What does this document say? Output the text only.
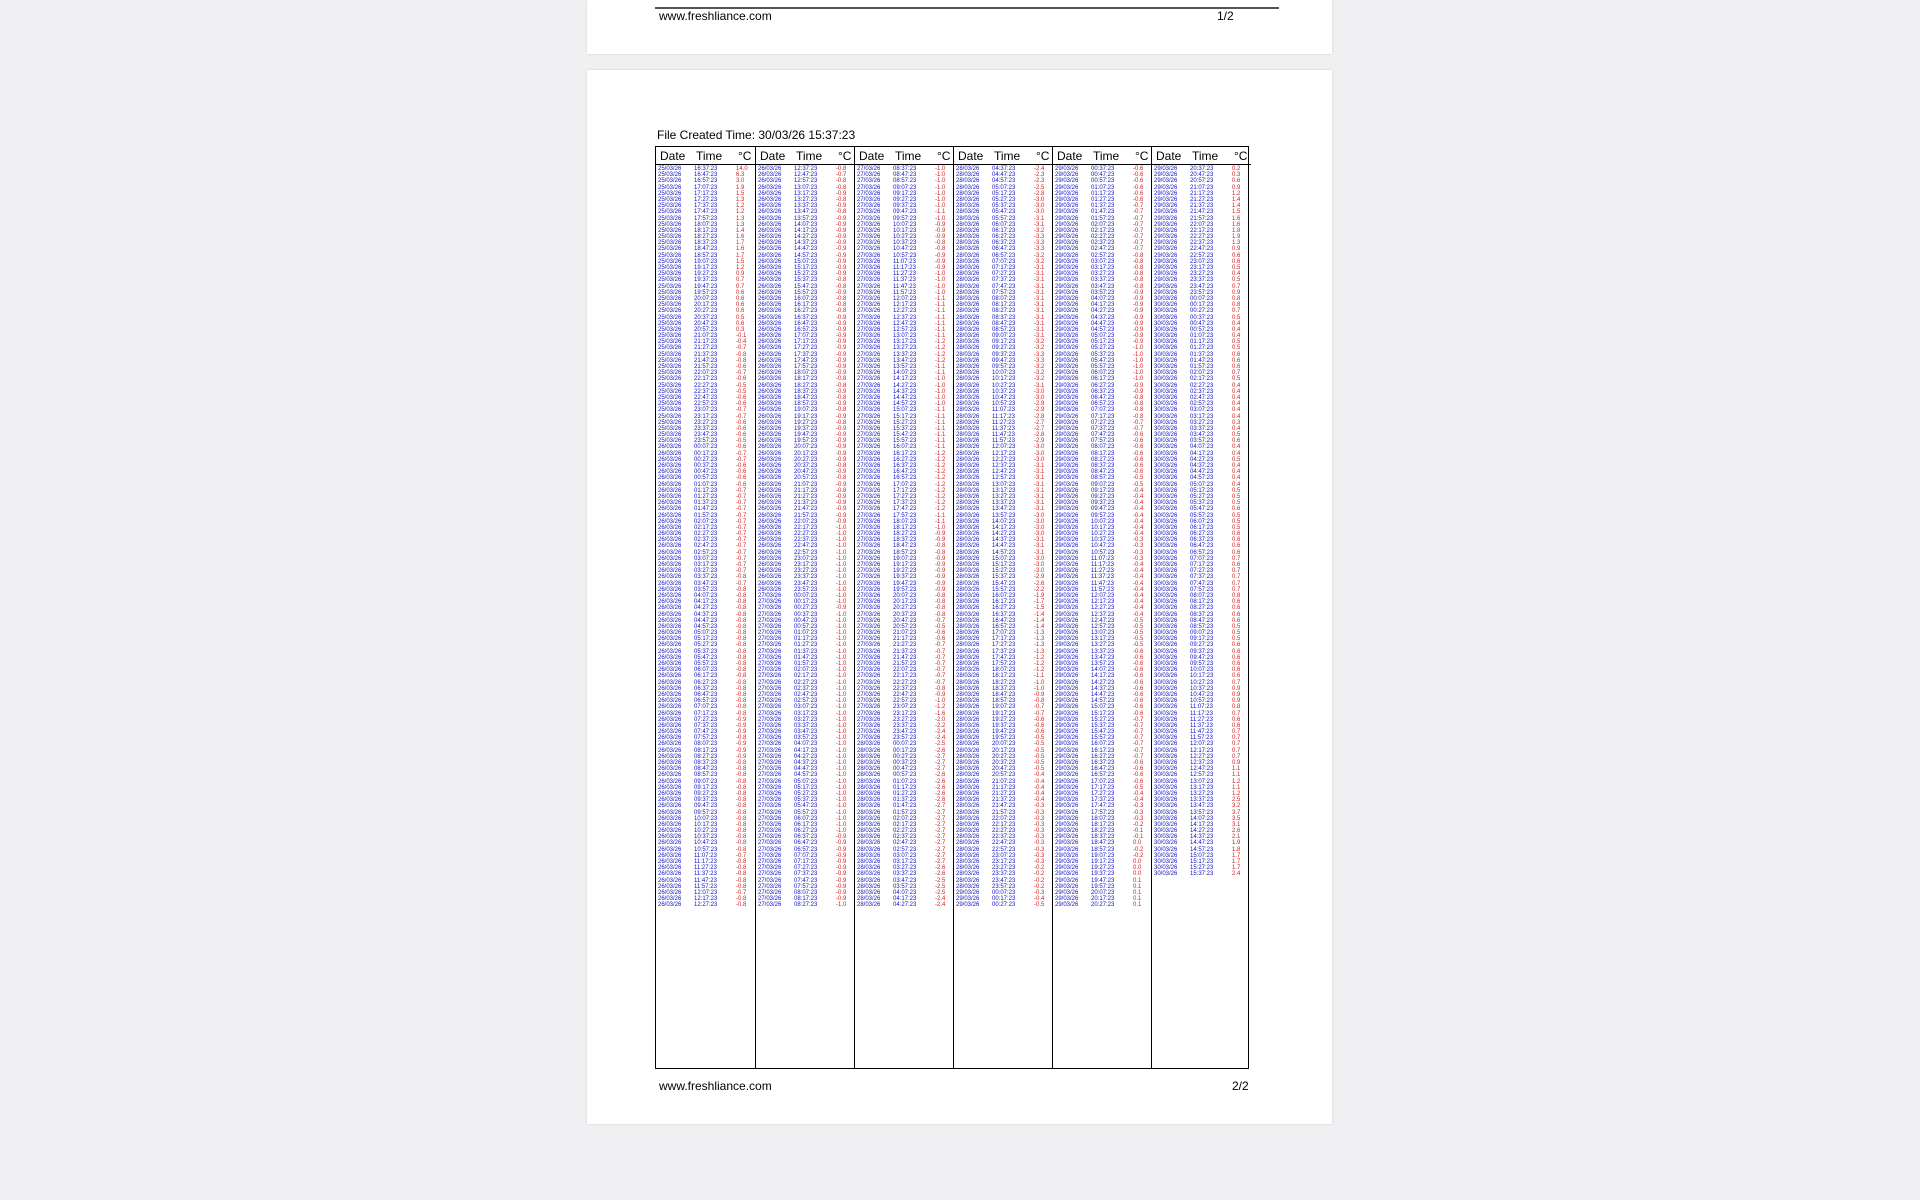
www.freshliance.com	1/2
File Created Time: 30/03/26 15:37:23
Date Time °C
25/03/26 16:37:23	14.0
25/03/26 16:47:23	6.3
25/03/26 16:57:23	3.0
25/03/26 17:07:23	1.9
25/03/26 17:17:23	1.5
25/03/26 17:27:23	1.3
25/03/26 17:37:23	1.2
25/03/26 17:47:23	1.2
25/03/26 17:57:23	1.3
25/03/26 18:07:23	1.3
25/03/26 18:17:23	1.4
25/03/26 18:27:23	1.6
25/03/26 18:37:23	1.7
25/03/26 18:47:23	1.6
25/03/26 18:57:23	1.7
25/03/26 19:07:23	1.5
25/03/26 19:17:23	1.2
25/03/26 19:27:23	0.9
25/03/26 19:37:23	0.7
25/03/26 19:47:23	0.7
25/03/26 19:57:23	0.6
25/03/26 20:07:23	0.6
25/03/26 20:17:23	0.6
25/03/26 20:27:23	0.6
25/03/26 20:37:23	0.5
25/03/26 20:47:23	0.6
25/03/26 20:57:23	0.3
25/03/26 21:07:23	-0.1
25/03/26 21:17:23	-0.4
25/03/26 21:27:23	-0.7
25/03/26 21:37:23	-0.8
25/03/26 21:47:23	-0.8
25/03/26 21:57:23	-0.6
25/03/26 22:07:23	-0.7
25/03/26 22:17:23	-0.6
25/03/26 22:27:23	-0.5
25/03/26 22:37:23	-0.5
25/03/26 22:47:23	-0.6
25/03/26 22:57:23	-0.6
25/03/26 23:07:23	-0.7
25/03/26 23:17:23	-0.7
25/03/26 23:27:23	-0.6
25/03/26 23:37:23	-0.6
25/03/26 23:47:23	-0.6
25/03/26 23:57:23	-0.5
26/03/26 00:07:23	-0.6
26/03/26 00:17:23	-0.7
26/03/26 00:27:23	-0.7
26/03/26 00:37:23	-0.6
26/03/26 00:47:23	-0.6
26/03/26 00:57:23	-0.6
26/03/26 01:07:23	-0.6
26/03/26 01:17:23	-0.7
26/03/26 01:27:23	-0.7
26/03/26 01:37:23	-0.7
26/03/26 01:47:23	-0.7
26/03/26 01:57:23	-0.7
26/03/26 02:07:23	-0.7
26/03/26 02:17:23	-0.7
26/03/26 02:27:23	-0.7
26/03/26 02:37:23	-0.7
26/03/26 02:47:23	-0.7
26/03/26 02:57:23	-0.7
26/03/26 03:07:23	-0.7
26/03/26 03:17:23	-0.7
26/03/26 03:27:23	-0.7
26/03/26 03:37:23	-0.8
26/03/26 03:47:23	-0.7
26/03/26 03:57:23	-0.8
26/03/26 04:07:23	-0.8
26/03/26 04:17:23	-0.8
26/03/26 04:27:23	-0.8
26/03/26 04:37:23	-0.8
26/03/26 04:47:23	-0.8
26/03/26 04:57:23	-0.8
26/03/26 05:07:23	-0.8
26/03/26 05:17:23	-0.8
26/03/26 05:27:23	-0.8
26/03/26 05:37:23	-0.8
26/03/26 05:47:23	-0.8
26/03/26 05:57:23	-0.8
26/03/26 06:07:23	-0.8
26/03/26 06:17:23	-0.8
26/03/26 06:27:23	-0.8
26/03/26 06:37:23	-0.8
26/03/26 06:47:23	-0.8
26/03/26 06:57:23	-0.8
26/03/26 07:07:23	-0.8
26/03/26 07:17:23	-0.8
26/03/26 07:27:23	-0.9
26/03/26 07:37:23	-0.9
26/03/26 07:47:23	-0.9
26/03/26 07:57:23	-0.8
26/03/26 08:07:23	-0.9
26/03/26 08:17:23	-0.9
26/03/26 08:27:23	-0.9
26/03/26 08:37:23	-0.8
26/03/26 08:47:23	-0.8
26/03/26 08:57:23	-0.8
26/03/26 09:07:23	-0.8
26/03/26 09:17:23	-0.8
26/03/26 09:27:23	-0.8
26/03/26 09:37:23	-0.8
26/03/26 09:47:23	-0.8
26/03/26 09:57:23	-0.8
26/03/26 10:07:23	-0.8
26/03/26 10:17:23	-0.8
26/03/26 10:27:23	-0.8
26/03/26 10:37:23	-0.8
26/03/26 10:47:23	-0.8
26/03/26 10:57:23	-0.8
26/03/26 11:07:23	-0.7
26/03/26 11:17:23	-0.8
26/03/26 11:27:23	-0.8
26/03/26 11:37:23	-0.8
26/03/26 11:47:23	-0.8
26/03/26 11:57:23	-0.8
26/03/26 12:07:23	-0.7
26/03/26 12:17:23	-0.8
26/03/26 12:27:23	-0.8
Date Time °C
26/03/26 12:37:23	-0.8
26/03/26 12:47:23	-0.7
26/03/26 12:57:23	-0.8
26/03/26 13:07:23	-0.8
26/03/26 13:17:23	-0.9
26/03/26 13:27:23	-0.8
26/03/26 13:37:23	-0.9
26/03/26 13:47:23	-0.8
26/03/26 13:57:23	-0.9
26/03/26 14:07:23	-0.9
26/03/26 14:17:23	-0.9
26/03/26 14:27:23	-0.9
26/03/26 14:37:23	-0.9
26/03/26 14:47:23	-0.9
26/03/26 14:57:23	-0.9
26/03/26 15:07:23	-0.9
26/03/26 15:17:23	-0.9
26/03/26 15:27:23	-0.9
26/03/26 15:37:23	-0.8
26/03/26 15:47:23	-0.8
26/03/26 15:57:23	-0.9
26/03/26 16:07:23	-0.8
26/03/26 16:17:23	-0.8
26/03/26 16:27:23	-0.8
26/03/26 16:37:23	-0.9
26/03/26 16:47:23	-0.9
26/03/26 16:57:23	-0.9
26/03/26 17:07:23	-0.9
26/03/26 17:17:23	-0.9
26/03/26 17:27:23	-0.9
26/03/26 17:37:23	-0.9
26/03/26 17:47:23	-0.9
26/03/26 17:57:23	-0.9
26/03/26 18:07:23	-0.9
26/03/26 18:17:23	-0.8
26/03/26 18:27:23	-0.8
26/03/26 18:37:23	-0.9
26/03/26 18:47:23	-0.8
26/03/26 18:57:23	-0.9
26/03/26 19:07:23	-0.8
26/03/26 19:17:23	-0.9
26/03/26 19:27:23	-0.8
26/03/26 19:37:23	-0.9
26/03/26 19:47:23	-0.9
26/03/26 19:57:23	-0.9
26/03/26 20:07:23	-0.9
26/03/26 20:17:23	-0.9
26/03/26 20:27:23	-0.9
26/03/26 20:37:23	-0.8
26/03/26 20:47:23	-0.9
26/03/26 20:57:23	-0.8
26/03/26 21:07:23	-0.9
26/03/26 21:17:23	-0.8
26/03/26 21:27:23	-0.9
26/03/26 21:37:23	-0.9
26/03/26 21:47:23	-0.9
26/03/26 21:57:23	-0.9
26/03/26 22:07:23	-0.9
26/03/26 22:17:23	-1.0
26/03/26 22:27:23	-1.0
26/03/26 22:37:23	-1.0
26/03/26 22:47:23	-1.0
26/03/26 22:57:23	-1.0
26/03/26 23:07:23	-1.0
26/03/26 23:17:23	-1.0
26/03/26 23:27:23	-1.0
26/03/26 23:37:23	-1.0
26/03/26 23:47:23	-1.0
26/03/26 23:57:23	-1.0
27/03/26 00:07:23	-1.0
27/03/26 00:17:23	-1.0
27/03/26 00:27:23	-0.9
27/03/26 00:37:23	-1.0
27/03/26 00:47:23	-1.0
27/03/26 00:57:23	-1.0
27/03/26 01:07:23	-1.0
27/03/26 01:17:23	-1.0
27/03/26 01:27:23	-1.0
27/03/26 01:37:23	-1.0
27/03/26 01:47:23	-1.0
27/03/26 01:57:23	-1.0
27/03/26 02:07:23	-1.0
27/03/26 02:17:23	-1.0
27/03/26 02:27:23	-1.0
27/03/26 02:37:23	-1.0
27/03/26 02:47:23	-1.0
27/03/26 02:57:23	-1.0
27/03/26 03:07:23	-1.0
27/03/26 03:17:23	-1.0
27/03/26 03:27:23	-1.0
27/03/26 03:37:23	-1.0
27/03/26 03:47:23	-1.0
27/03/26 03:57:23	-1.0
27/03/26 04:07:23	-1.0
27/03/26 04:17:23	-1.0
27/03/26 04:27:23	-1.0
27/03/26 04:37:23	-1.0
27/03/26 04:47:23	-1.0
27/03/26 04:57:23	-1.0
27/03/26 05:07:23	-1.0
27/03/26 05:17:23	-1.0
27/03/26 05:27:23	-1.0
27/03/26 05:37:23	-1.0
27/03/26 05:47:23	-1.0
27/03/26 05:57:23	-1.0
27/03/26 06:07:23	-1.0
27/03/26 06:17:23	-1.0
27/03/26 06:27:23	-1.0
27/03/26 06:37:23	-0.9
27/03/26 06:47:23	-0.9
27/03/26 06:57:23	-0.9
27/03/26 07:07:23	-0.9
27/03/26 07:17:23	-0.9
27/03/26 07:27:23	-0.9
27/03/26 07:37:23	-0.9
27/03/26 07:47:23	-0.9
27/03/26 07:57:23	-0.9
27/03/26 08:07:23	-0.9
27/03/26 08:17:23	-0.9
27/03/26 08:27:23	-1.0
Date Time °C
27/03/26 08:37:23	-1.0
27/03/26 08:47:23	-1.0
27/03/26 08:57:23	-1.0
27/03/26 09:07:23	-1.0
27/03/26 09:17:23	-1.0
27/03/26 09:27:23	-1.0
27/03/26 09:37:23	-1.0
27/03/26 09:47:23	-1.1
27/03/26 09:57:23	-1.0
27/03/26 10:07:23	-0.9
27/03/26 10:17:23	-0.9
27/03/26 10:27:23	-0.9
27/03/26 10:37:23	-0.8
27/03/26 10:47:23	-0.8
27/03/26 10:57:23	-0.9
27/03/26 11:07:23	-0.9
27/03/26 11:17:23	-0.9
27/03/26 11:27:23	-1.0
27/03/26 11:37:23	-1.0
27/03/26 11:47:23	-1.0
27/03/26 11:57:23	-1.0
27/03/26 12:07:23	-1.1
27/03/26 12:17:23	-1.1
27/03/26 12:27:23	-1.1
27/03/26 12:37:23	-1.1
27/03/26 12:47:23	-1.1
27/03/26 12:57:23	-1.1
27/03/26 13:07:23	-1.1
27/03/26 13:17:23	-1.2
27/03/26 13:27:23	-1.2
27/03/26 13:37:23	-1.2
27/03/26 13:47:23	-1.2
27/03/26 13:57:23	-1.1
27/03/26 14:07:23	-1.1
27/03/26 14:17:23	-1.0
27/03/26 14:27:23	-1.0
27/03/26 14:37:23	-1.0
27/03/26 14:47:23	-1.0
27/03/26 14:57:23	-1.0
27/03/26 15:07:23	-1.1
27/03/26 15:17:23	-1.1
27/03/26 15:27:23	-1.1
27/03/26 15:37:23	-1.1
27/03/26 15:47:23	-1.1
27/03/26 15:57:23	-1.1
27/03/26 16:07:23	-1.1
27/03/26 16:17:23	-1.2
27/03/26 16:27:23	-1.2
27/03/26 16:37:23	-1.2
27/03/26 16:47:23	-1.2
27/03/26 16:57:23	-1.2
27/03/26 17:07:23	-1.2
27/03/26 17:17:23	-1.2
27/03/26 17:27:23	-1.2
27/03/26 17:37:23	-1.2
27/03/26 17:47:23	-1.2
27/03/26 17:57:23	-1.1
27/03/26 18:07:23	-1.1
27/03/26 18:17:23	-1.0
27/03/26 18:27:23	-0.9
27/03/26 18:37:23	-0.9
27/03/26 18:47:23	-0.8
27/03/26 18:57:23	-0.8
27/03/26 19:07:23	-0.9
27/03/26 19:17:23	-0.9
27/03/26 19:27:23	-0.9
27/03/26 19:37:23	-0.9
27/03/26 19:47:23	-0.9
27/03/26 19:57:23	-0.9
27/03/26 20:07:23	-0.8
27/03/26 20:17:23	-0.8
27/03/26 20:27:23	-0.8
27/03/26 20:37:23	-0.8
27/03/26 20:47:23	-0.7
27/03/26 20:57:23	-0.5
27/03/26 21:07:23	-0.6
27/03/26 21:17:23	-0.6
27/03/26 21:27:23	-0.7
27/03/26 21:37:23	-0.7
27/03/26 21:47:23	-0.7
27/03/26 21:57:23	-0.7
27/03/26 22:07:23	-0.7
27/03/26 22:17:23	-0.7
27/03/26 22:27:23	-0.7
27/03/26 22:37:23	-0.8
27/03/26 22:47:23	-0.9
27/03/26 22:57:23	-1.0
27/03/26 23:07:23	-1.2
27/03/26 23:17:23	-1.6
27/03/26 23:27:23	-2.0
27/03/26 23:37:23	-2.2
27/03/26 23:47:23	-2.4
27/03/26 23:57:23	-2.4
28/03/26 00:07:23	-2.5
28/03/26 00:17:23	-2.6
28/03/26 00:27:23	-2.7
28/03/26 00:37:23	-2.7
28/03/26 00:47:23	-2.7
28/03/26 00:57:23	-2.6
28/03/26 01:07:23	-2.6
28/03/26 01:17:23	-2.6
28/03/26 01:27:23	-2.6
28/03/26 01:37:23	-2.6
28/03/26 01:47:23	-2.7
28/03/26 01:57:23	-2.7
28/03/26 02:07:23	-2.7
28/03/26 02:17:23	-2.7
28/03/26 02:27:23	-2.7
28/03/26 02:37:23	-2.7
28/03/26 02:47:23	-2.7
28/03/26 02:57:23	-2.7
28/03/26 03:07:23	-2.7
28/03/26 03:17:23	-2.7
28/03/26 03:27:23	-2.6
28/03/26 03:37:23	-2.6
28/03/26 03:47:23	-2.5
28/03/26 03:57:23	-2.5
28/03/26 04:07:23	-2.5
28/03/26 04:17:23	-2.4
28/03/26 04:27:23	-2.4
Date Time °C
28/03/26 04:37:23	-2.4
28/03/26 04:47:23	-2.3
28/03/26 04:57:23	-2.3
28/03/26 05:07:23	-2.5
28/03/26 05:17:23	-2.8
28/03/26 05:27:23	-3.0
28/03/26 05:37:23	-3.0
28/03/26 05:47:23	-3.0
28/03/26 05:57:23	-3.1
28/03/26 06:07:23	-3.1
28/03/26 06:17:23	-3.2
28/03/26 06:27:23	-3.3
28/03/26 06:37:23	-3.3
28/03/26 06:47:23	-3.3
28/03/26 06:57:23	-3.2
28/03/26 07:07:23	-3.2
28/03/26 07:17:23	-3.1
28/03/26 07:27:23	-3.1
28/03/26 07:37:23	-3.1
28/03/26 07:47:23	-3.1
28/03/26 07:57:23	-3.1
28/03/26 08:07:23	-3.1
28/03/26 08:17:23	-3.1
28/03/26 08:27:23	-3.1
28/03/26 08:37:23	-3.1
28/03/26 08:47:23	-3.1
28/03/26 08:57:23	-3.1
28/03/26 09:07:23	-3.1
28/03/26 09:17:23	-3.2
28/03/26 09:27:23	-3.2
28/03/26 09:37:23	-3.3
28/03/26 09:47:23	-3.3
28/03/26 09:57:23	-3.2
28/03/26 10:07:23	-3.2
28/03/26 10:17:23	-3.2
28/03/26 10:27:23	-3.1
28/03/26 10:37:23	-3.0
28/03/26 10:47:23	-3.0
28/03/26 10:57:23	-2.9
28/03/26 11:07:23	-2.9
28/03/26 11:17:23	-2.8
28/03/26 11:27:23	-2.7
28/03/26 11:37:23	-2.7
28/03/26 11:47:23	-2.8
28/03/26 11:57:23	-2.9
28/03/26 12:07:23	-3.0
28/03/26 12:17:23	-3.0
28/03/26 12:27:23	-3.0
28/03/26 12:37:23	-3.1
28/03/26 12:47:23	-3.1
28/03/26 12:57:23	-3.1
28/03/26 13:07:23	-3.1
28/03/26 13:17:23	-3.1
28/03/26 13:27:23	-3.1
28/03/26 13:37:23	-3.1
28/03/26 13:47:23	-3.1
28/03/26 13:57:23	-3.0
28/03/26 14:07:23	-3.0
28/03/26 14:17:23	-3.0
28/03/26 14:27:23	-3.0
28/03/26 14:37:23	-3.1
28/03/26 14:47:23	-3.1
28/03/26 14:57:23	-3.1
28/03/26 15:07:23	-3.0
28/03/26 15:17:23	-3.0
28/03/26 15:27:23	-3.0
28/03/26 15:37:23	-2.9
28/03/26 15:47:23	-2.6
28/03/26 15:57:23	-2.2
28/03/26 16:07:23	-1.9
28/03/26 16:17:23	-1.7
28/03/26 16:27:23	-1.5
28/03/26 16:37:23	-1.4
28/03/26 16:47:23	-1.4
28/03/26 16:57:23	-1.4
28/03/26 17:07:23	-1.3
28/03/26 17:17:23	-1.3
28/03/26 17:27:23	-1.3
28/03/26 17:37:23	-1.3
28/03/26 17:47:23	-1.2
28/03/26 17:57:23	-1.2
28/03/26 18:07:23	-1.2
28/03/26 18:17:23	-1.1
28/03/26 18:27:23	-1.0
28/03/26 18:37:23	-1.0
28/03/26 18:47:23	-0.9
28/03/26 18:57:23	-0.8
28/03/26 19:07:23	-0.7
28/03/26 19:17:23	-0.7
28/03/26 19:27:23	-0.6
28/03/26 19:37:23	-0.6
28/03/26 19:47:23	-0.6
28/03/26 19:57:23	-0.5
28/03/26 20:07:23	-0.5
28/03/26 20:17:23	-0.5
28/03/26 20:27:23	-0.5
28/03/26 20:37:23	-0.5
28/03/26 20:47:23	-0.5
28/03/26 20:57:23	-0.4
28/03/26 21:07:23	-0.4
28/03/26 21:17:23	-0.4
28/03/26 21:27:23	-0.4
28/03/26 21:37:23	-0.4
28/03/26 21:47:23	-0.3
28/03/26 21:57:23	-0.3
28/03/26 22:07:23	-0.3
28/03/26 22:17:23	-0.3
28/03/26 22:27:23	-0.3
28/03/26 22:37:23	-0.3
28/03/26 22:47:23	-0.3
28/03/26 22:57:23	-0.3
28/03/26 23:07:23	-0.3
28/03/26 23:17:23	-0.3
28/03/26 23:27:23	-0.2
28/03/26 23:37:23	-0.2
28/03/26 23:47:23	-0.2
28/03/26 23:57:23	-0.2
29/03/26 00:07:23	-0.3
29/03/26 00:17:23	-0.4
29/03/26 00:27:23	-0.5
Date Time °C
29/03/26 00:37:23	-0.6
29/03/26 00:47:23	-0.6
29/03/26 00:57:23	-0.6
29/03/26 01:07:23	-0.6
29/03/26 01:17:23	-0.6
29/03/26 01:27:23	-0.6
29/03/26 01:37:23	-0.7
29/03/26 01:47:23	-0.7
29/03/26 01:57:23	-0.7
29/03/26 02:07:23	-0.7
29/03/26 02:17:23	-0.7
29/03/26 02:27:23	-0.7
29/03/26 02:37:23	-0.7
29/03/26 02:47:23	-0.7
29/03/26 02:57:23	-0.8
29/03/26 03:07:23	-0.8
29/03/26 03:17:23	-0.8
29/03/26 03:27:23	-0.8
29/03/26 03:37:23	-0.8
29/03/26 03:47:23	-0.8
29/03/26 03:57:23	-0.9
29/03/26 04:07:23	-0.9
29/03/26 04:17:23	-0.9
29/03/26 04:27:23	-0.9
29/03/26 04:37:23	-0.9
29/03/26 04:47:23	-0.9
29/03/26 04:57:23	-0.9
29/03/26 05:07:23	-0.9
29/03/26 05:17:23	-0.9
29/03/26 05:27:23	-1.0
29/03/26 05:37:23	-1.0
29/03/26 05:47:23	-1.0
29/03/26 05:57:23	-1.0
29/03/26 06:07:23	-1.0
29/03/26 06:17:23	-1.0
29/03/26 06:27:23	-0.9
29/03/26 06:37:23	-0.9
29/03/26 06:47:23	-0.8
29/03/26 06:57:23	-0.8
29/03/26 07:07:23	-0.8
29/03/26 07:17:23	-0.8
29/03/26 07:27:23	-0.7
29/03/26 07:37:23	-0.7
29/03/26 07:47:23	-0.6
29/03/26 07:57:23	-0.6
29/03/26 08:07:23	-0.6
29/03/26 08:17:23	-0.6
29/03/26 08:27:23	-0.6
29/03/26 08:37:23	-0.6
29/03/26 08:47:23	-0.6
29/03/26 08:57:23	-0.5
29/03/26 09:07:23	-0.5
29/03/26 09:17:23	-0.4
29/03/26 09:27:23	-0.4
29/03/26 09:37:23	-0.4
29/03/26 09:47:23	-0.4
29/03/26 09:57:23	-0.4
29/03/26 10:07:23	-0.4
29/03/26 10:17:23	-0.4
29/03/26 10:27:23	-0.4
29/03/26 10:37:23	-0.3
29/03/26 10:47:23	-0.3
29/03/26 10:57:23	-0.3
29/03/26 11:07:23	-0.3
29/03/26 11:17:23	-0.4
29/03/26 11:27:23	-0.4
29/03/26 11:37:23	-0.4
29/03/26 11:47:23	-0.4
29/03/26 11:57:23	-0.4
29/03/26 12:07:23	-0.4
29/03/26 12:17:23	-0.4
29/03/26 12:27:23	-0.4
29/03/26 12:37:23	-0.4
29/03/26 12:47:23	-0.5
29/03/26 12:57:23	-0.5
29/03/26 13:07:23	-0.5
29/03/26 13:17:23	-0.5
29/03/26 13:27:23	-0.5
29/03/26 13:37:23	-0.6
29/03/26 13:47:23	-0.6
29/03/26 13:57:23	-0.6
29/03/26 14:07:23	-0.6
29/03/26 14:17:23	-0.6
29/03/26 14:27:23	-0.6
29/03/26 14:37:23	-0.6
29/03/26 14:47:23	-0.6
29/03/26 14:57:23	-0.6
29/03/26 15:07:23	-0.6
29/03/26 15:17:23	-0.6
29/03/26 15:27:23	-0.7
29/03/26 15:37:23	-0.7
29/03/26 15:47:23	-0.7
29/03/26 15:57:23	-0.7
29/03/26 16:07:23	-0.7
29/03/26 16:17:23	-0.7
29/03/26 16:27:23	-0.7
29/03/26 16:37:23	-0.6
29/03/26 16:47:23	-0.6
29/03/26 16:57:23	-0.6
29/03/26 17:07:23	-0.6
29/03/26 17:17:23	-0.5
29/03/26 17:27:23	-0.4
29/03/26 17:37:23	-0.4
29/03/26 17:47:23	-0.3
29/03/26 17:57:23	-0.3
29/03/26 18:07:23	-0.3
29/03/26 18:17:23	-0.2
29/03/26 18:27:23	-0.1
29/03/26 18:37:23	-0.1
29/03/26 18:47:23	0.0
29/03/26 18:57:23	-0.2
29/03/26 19:07:23	-0.2
29/03/26 19:17:23	0.0
29/03/26 19:27:23	0.0
29/03/26 19:37:23	0.0
29/03/26 19:47:23	0.1
29/03/26 19:57:23	0.1
29/03/26 20:07:23	0.1
29/03/26 20:17:23	0.1
29/03/26 20:27:23	0.1
Date Time °C
29/03/26 20:37:23	0.2
29/03/26 20:47:23	0.3
29/03/26 20:57:23	0.6
29/03/26 21:07:23	0.9
29/03/26 21:17:23	1.2
29/03/26 21:27:23	1.4
29/03/26 21:37:23	1.4
29/03/26 21:47:23	1.5
29/03/26 21:57:23	1.6
29/03/26 22:07:23	1.6
29/03/26 22:17:23	1.8
29/03/26 22:27:23	1.9
29/03/26 22:37:23	1.3
29/03/26 22:47:23	0.9
29/03/26 22:57:23	0.6
29/03/26 23:07:23	0.6
29/03/26 23:17:23	0.5
29/03/26 23:27:23	0.4
29/03/26 23:37:23	0.5
29/03/26 23:47:23	0.7
29/03/26 23:57:23	0.9
30/03/26 00:07:23	0.8
30/03/26 00:17:23	0.8
30/03/26 00:27:23	0.7
30/03/26 00:37:23	0.5
30/03/26 00:47:23	0.4
30/03/26 00:57:23	0.4
30/03/26 01:07:23	0.4
30/03/26 01:17:23	0.5
30/03/26 01:27:23	0.5
30/03/26 01:37:23	0.6
30/03/26 01:47:23	0.6
30/03/26 01:57:23	0.6
30/03/26 02:07:23	0.7
30/03/26 02:17:23	0.5
30/03/26 02:27:23	0.4
30/03/26 02:37:23	0.4
30/03/26 02:47:23	0.4
30/03/26 02:57:23	0.4
30/03/26 03:07:23	0.4
30/03/26 03:17:23	0.4
30/03/26 03:27:23	0.3
30/03/26 03:37:23	0.4
30/03/26 03:47:23	0.5
30/03/26 03:57:23	0.6
30/03/26 04:07:23	0.4
30/03/26 04:17:23	0.4
30/03/26 04:27:23	0.5
30/03/26 04:37:23	0.4
30/03/26 04:47:23	0.4
30/03/26 04:57:23	0.4
30/03/26 05:07:23	0.4
30/03/26 05:17:23	0.5
30/03/26 05:27:23	0.5
30/03/26 05:37:23	0.5
30/03/26 05:47:23	0.6
30/03/26 05:57:23	0.5
30/03/26 06:07:23	0.5
30/03/26 06:17:23	0.5
30/03/26 06:27:23	0.6
30/03/26 06:37:23	0.6
30/03/26 06:47:23	0.6
30/03/26 06:57:23	0.6
30/03/26 07:07:23	0.7
30/03/26 07:17:23	0.6
30/03/26 07:27:23	0.7
30/03/26 07:37:23	0.7
30/03/26 07:47:23	0.7
30/03/26 07:57:23	0.7
30/03/26 08:07:23	0.8
30/03/26 08:17:23	0.6
30/03/26 08:27:23	0.6
30/03/26 08:37:23	0.6
30/03/26 08:47:23	0.6
30/03/26 08:57:23	0.5
30/03/26 09:07:23	0.5
30/03/26 09:17:23	0.5
30/03/26 09:27:23	0.6
30/03/26 09:37:23	0.6
30/03/26 09:47:23	0.6
30/03/26 09:57:23	0.6
30/03/26 10:07:23	0.6
30/03/26 10:17:23	0.6
30/03/26 10:27:23	0.7
30/03/26 10:37:23	0.9
30/03/26 10:47:23	0.9
30/03/26 10:57:23	0.9
30/03/26 11:07:23	0.8
30/03/26 11:17:23	0.7
30/03/26 11:27:23	0.6
30/03/26 11:37:23	0.6
30/03/26 11:47:23	0.7
30/03/26 11:57:23	0.7
30/03/26 12:07:23	0.7
30/03/26 12:17:23	0.7
30/03/26 12:27:23	0.7
30/03/26 12:37:23	0.9
30/03/26 12:47:23	1.1
30/03/26 12:57:23	1.1
30/03/26 13:07:23	1.2
30/03/26 13:17:23	1.1
30/03/26 13:27:23	1.2
30/03/26 13:37:23	2.5
30/03/26 13:47:23	3.2
30/03/26 13:57:23	3.7
30/03/26 14:07:23	3.5
30/03/26 14:17:23	3.1
30/03/26 14:27:23	2.6
30/03/26 14:37:23	2.1
30/03/26 14:47:23	1.9
30/03/26 14:57:23	1.8
30/03/26 15:07:23	1.7
30/03/26 15:17:23	1.7
30/03/26 15:27:23	1.7
30/03/26 15:37:23	2.4
www.freshliance.com	2/2
